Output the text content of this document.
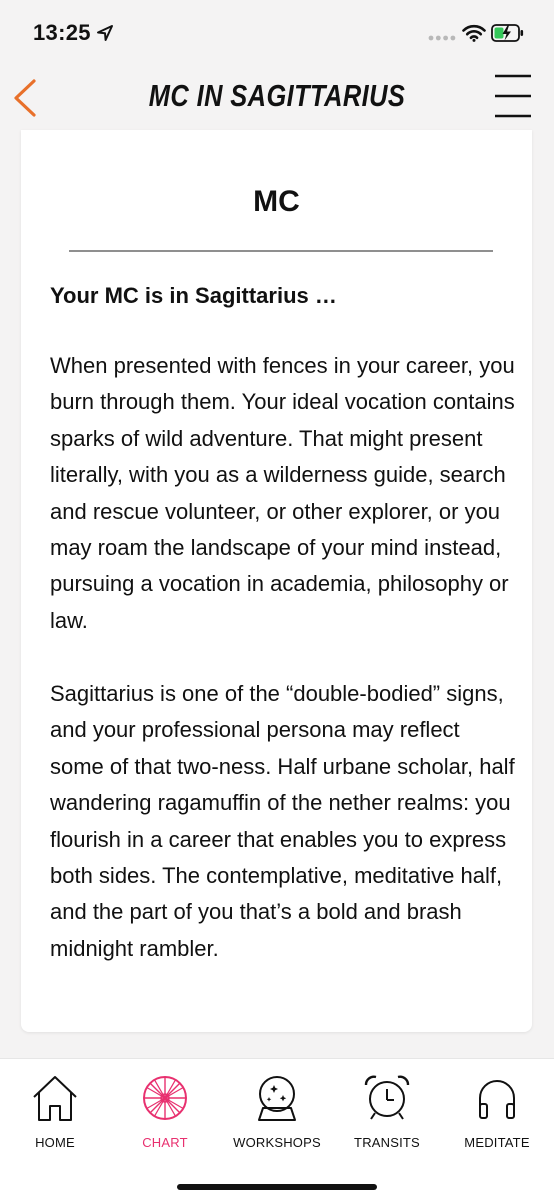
13:25
MC IN SAGITTARIUS
MC
Your MC is in Sagittarius …

When presented with fences in your career, you burn through them. Your ideal vocation contains sparks of wild adventure. That might present literally, with you as a wilderness guide, search and rescue volunteer, or other explorer, or you may roam the landscape of your mind instead, pursuing a vocation in academia, philosophy or law.

Sagittarius is one of the “double-bodied” signs, and your professional persona may reflect some of that two-ness. Half urbane scholar, half wandering ragamuffin of the nether realms: you flourish in a career that enables you to express both sides. The contemplative, meditative half, and the part of you that’s a bold and brash midnight rambler.

HOME	CHART	WORKSHOPS	TRANSITS	MEDITATE
